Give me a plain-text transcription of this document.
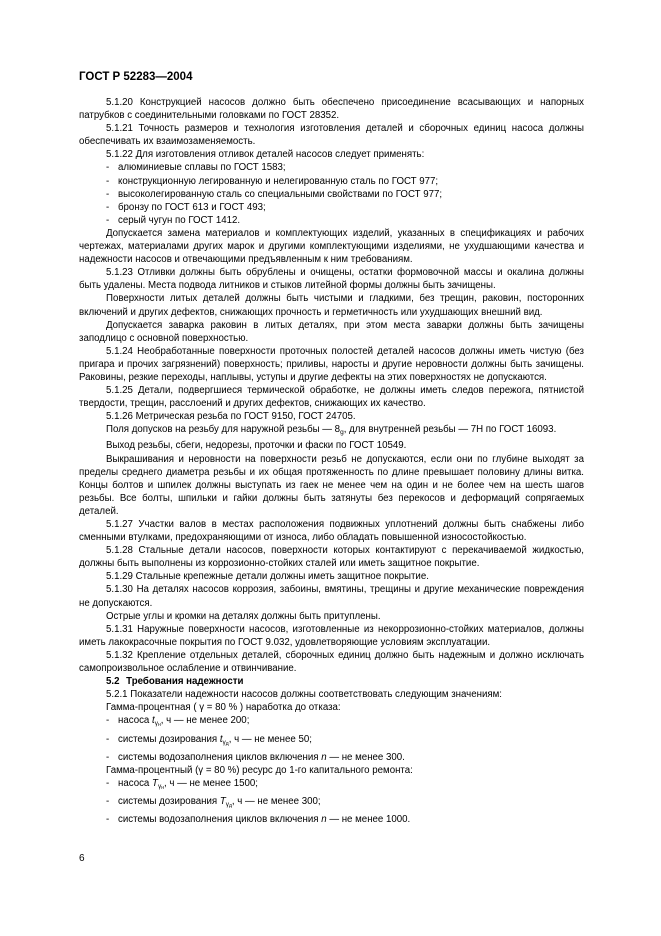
ГОСТ Р 52283—2004

5.1.20 Конструкцией насосов должно быть обеспечено присоединение всасывающих и напорных патрубков с соединительными головками по ГОСТ 28352.

5.1.21 Точность размеров и технология изготовления деталей и сборочных единиц насоса должны обеспечивать их взаимозаменяемость.

5.1.22 Для изготовления отливок деталей насосов следует применять:

- алюминиевые сплавы по ГОСТ 1583;

- конструкционную легированную и нелегированную сталь по ГОСТ 977;

- высоколегированную сталь со специальными свойствами по ГОСТ 977;

- бронзу по ГОСТ 613 и ГОСТ 493;

- серый чугун по ГОСТ 1412.

Допускается замена материалов и комплектующих изделий, указанных в спецификациях и рабочих чертежах, материалами других марок и другими комплектующими изделиями, не ухудшающими качества и надежности насосов и отвечающими предъявленным к ним требованиям.

5.1.23 Отливки должны быть обрублены и очищены, остатки формовочной массы и окалина должны быть удалены. Места подвода литников и стыков литейной формы должны быть зачищены.

Поверхности литых деталей должны быть чистыми и гладкими, без трещин, раковин, посторонних включений и других дефектов, снижающих прочность и герметичность или ухудшающих внешний вид.

Допускается заварка раковин в литых деталях, при этом места заварки должны быть зачищены заподлицо с основной поверхностью.

5.1.24 Необработанные поверхности проточных полостей деталей насосов должны иметь чистую (без пригара и прочих загрязнений) поверхность; приливы, наросты и другие неровности должны быть зачищены. Раковины, резкие переходы, наплывы, уступы и другие дефекты на этих поверхностях не допускаются.

5.1.25 Детали, подвергшиеся термической обработке, не должны иметь следов пережога, пятнистой твердости, трещин, расслоений и других дефектов, снижающих их качество.

5.1.26 Метрическая резьба по ГОСТ 9150, ГОСТ 24705.

Поля допусков на резьбу для наружной резьбы — $8_g$, для внутренней резьбы — 7H по ГОСТ 16093.

Выход резьбы, сбеги, недорезы, проточки и фаски по ГОСТ 10549.

Выкрашивания и неровности на поверхности резьб не допускаются, если они по глубине выходят за пределы среднего диаметра резьбы и их общая протяженность по длине превышает половину длины витка. Концы болтов и шпилек должны выступать из гаек не менее чем на один и не более чем на шесть шагов резьбы. Все болты, шпильки и гайки должны быть затянуты без перекосов и деформаций сопрягаемых деталей.

5.1.27 Участки валов в местах расположения подвижных уплотнений должны быть снабжены либо сменными втулками, предохраняющими от износа, либо обладать повышенной износостойкостью.

5.1.28 Стальные детали насосов, поверхности которых контактируют с перекачиваемой жидкостью, должны быть выполнены из коррозионно-стойких сталей или иметь защитное покрытие.

5.1.29 Стальные крепежные детали должны иметь защитное покрытие.

5.1.30 На деталях насосов коррозия, забоины, вмятины, трещины и другие механические повреждения не допускаются.

Острые углы и кромки на деталях должны быть притуплены.

5.1.31 Наружные поверхности насосов, изготовленные из некоррозионно-стойких материалов, должны иметь лакокрасочные покрытия по ГОСТ 9.032, удовлетворяющие условиям эксплуатации.

5.1.32 Крепление отдельных деталей, сборочных единиц должно быть надежным и должно исключать самопроизвольное ослабление и отвинчивание.

5.2 Требования надежности

5.2.1 Показатели надежности насосов должны соответствовать следующим значениям:

Гамма-процентная ( γ = 80 % ) наработка до отказа:

- насоса $t_{\gamma_н}$, ч — не менее 200;

- системы дозирования $t_{\gamma_д}$, ч — не менее 50;

- системы водозаполнения циклов включения n — не менее 300.

Гамма-процентный (γ = 80 %) ресурс до 1-го капитального ремонта:

- насоса $T_{\gamma_н}$, ч — не менее 1500;

- системы дозирования $T_{\gamma_д}$, ч — не менее 300;

- системы водозаполнения циклов включения n — не менее 1000.

6
